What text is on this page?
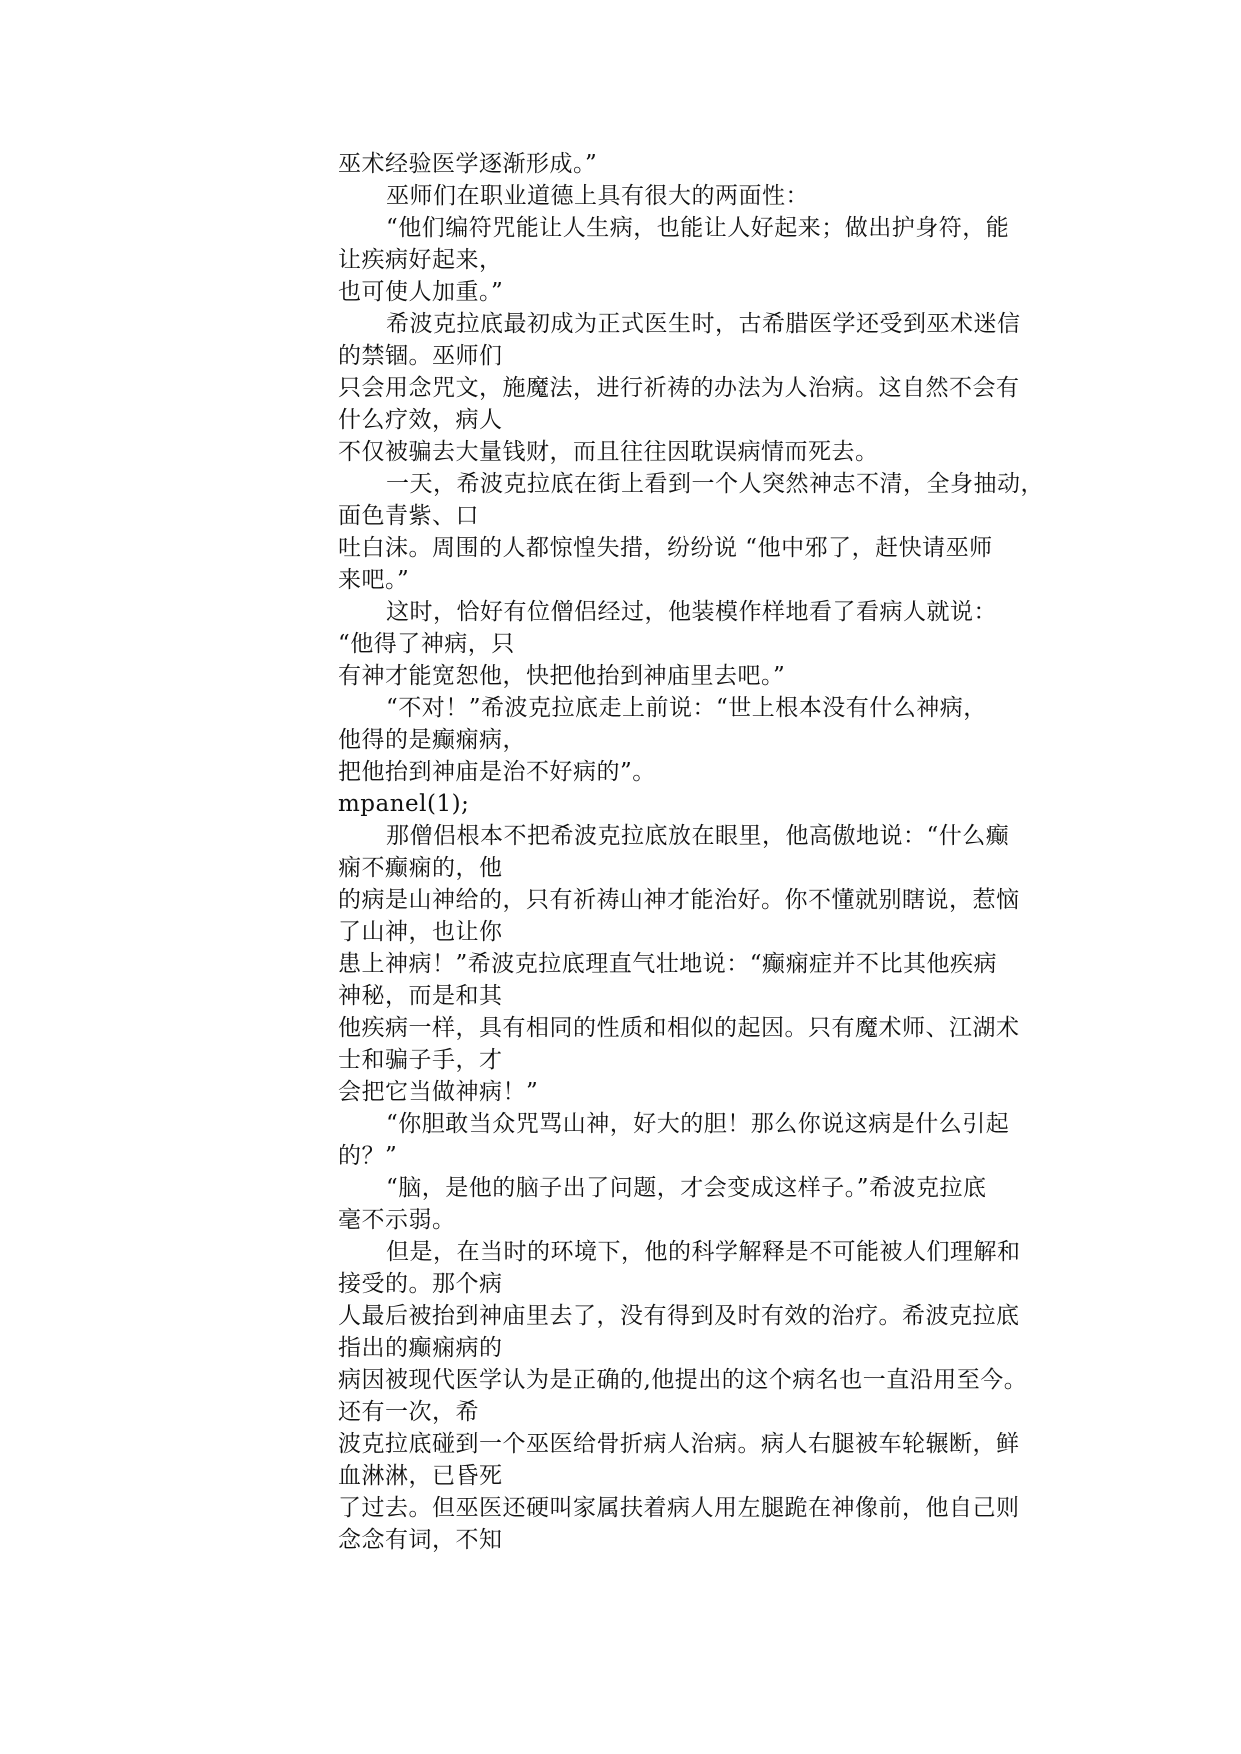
巫术经验医学逐渐形成。”
巫师们在职业道德上具有很大的两面性：
“他们编符咒能让人生病，也能让人好起来；做出护身符，能
让疾病好起来，
也可使人加重。”
希波克拉底最初成为正式医生时，古希腊医学还受到巫术迷信
的禁锢。巫师们
只会用念咒文，施魔法，进行祈祷的办法为人治病。这自然不会有
什么疗效，病人
不仅被骗去大量钱财，而且往往因耽误病情而死去。
一天，希波克拉底在街上看到一个人突然神志不清，全身抽动，
面色青紫、口
吐白沫。周围的人都惊惶失措，纷纷说 “他中邪了，赶快请巫师
来吧。”
这时，恰好有位僧侣经过，他装模作样地看了看病人就说：
“他得了神病，只
有神才能宽恕他，快把他抬到神庙里去吧。”
“不对！”希波克拉底走上前说：“世上根本没有什么神病，
他得的是癫痫病，
把他抬到神庙是治不好病的”。
mpanel(1);
那僧侣根本不把希波克拉底放在眼里，他高傲地说：“什么癫
痫不癫痫的，他
的病是山神给的，只有祈祷山神才能治好。你不懂就别瞎说，惹恼
了山神，也让你
患上神病！”希波克拉底理直气壮地说：“癫痫症并不比其他疾病
神秘，而是和其
他疾病一样，具有相同的性质和相似的起因。只有魔术师、江湖术
士和骗子手，才
会把它当做神病！”
“你胆敢当众咒骂山神，好大的胆！那么你说这病是什么引起
的？”
“脑，是他的脑子出了问题，才会变成这样子。”希波克拉底
毫不示弱。
但是，在当时的环境下，他的科学解释是不可能被人们理解和
接受的。那个病
人最后被抬到神庙里去了，没有得到及时有效的治疗。希波克拉底
指出的癫痫病的
病因被现代医学认为是正确的,他提出的这个病名也一直沿用至今。
还有一次，希
波克拉底碰到一个巫医给骨折病人治病。病人右腿被车轮辗断，鲜
血淋淋，已昏死
了过去。但巫医还硬叫家属扶着病人用左腿跪在神像前，他自己则
念念有词，不知
